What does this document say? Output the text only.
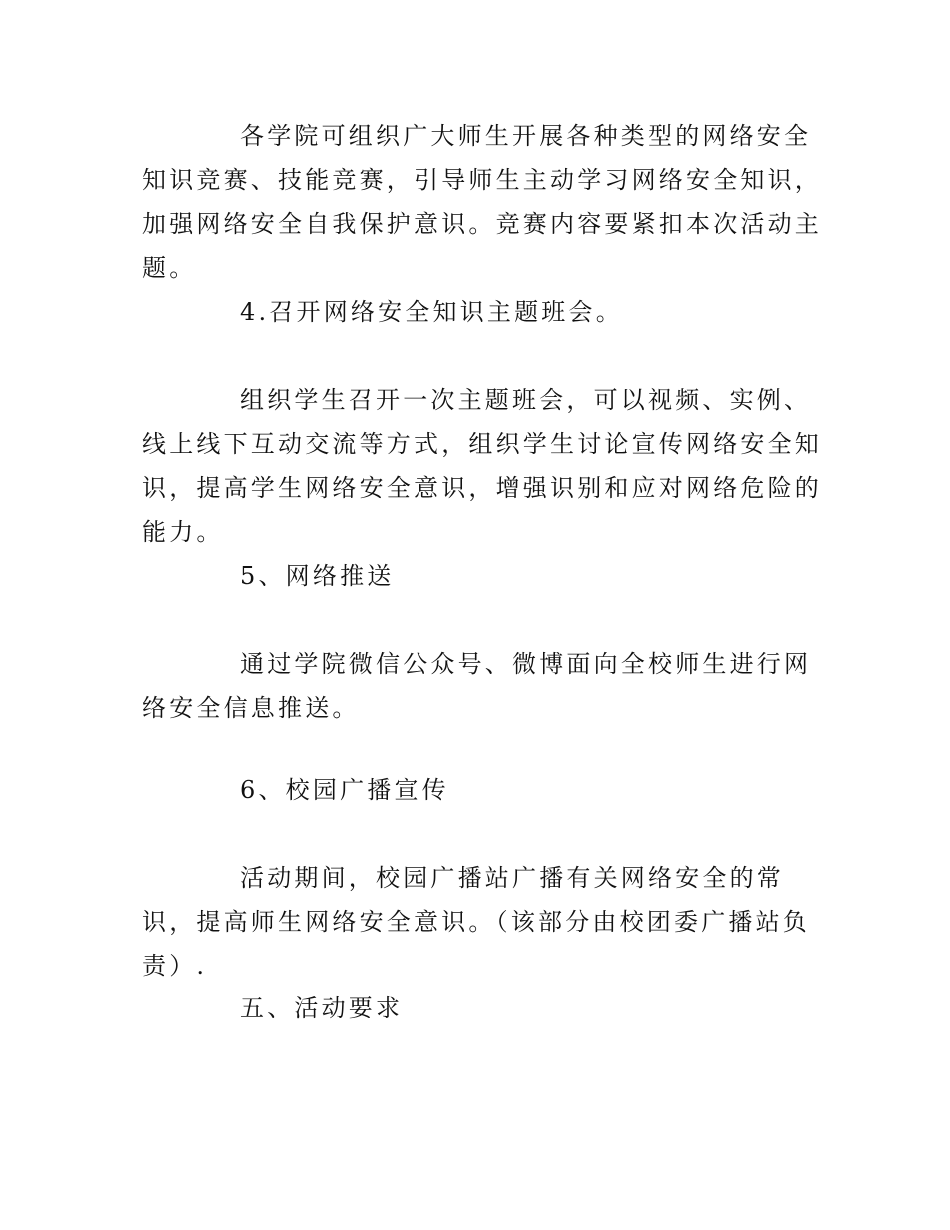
各学院可组织广大师生开展各种类型的网络安全知识竞赛、技能竞赛，引导师生主动学习网络安全知识，加强网络安全自我保护意识。竞赛内容要紧扣本次活动主题。

4.召开网络安全知识主题班会。

组织学生召开一次主题班会，可以视频、实例、线上线下互动交流等方式，组织学生讨论宣传网络安全知识，提高学生网络安全意识，增强识别和应对网络危险的能力。

5、网络推送

通过学院微信公众号、微博面向全校师生进行网络安全信息推送。

6、校园广播宣传

活动期间，校园广播站广播有关网络安全的常识，提高师生网络安全意识。（该部分由校团委广播站负责）.

五、活动要求
